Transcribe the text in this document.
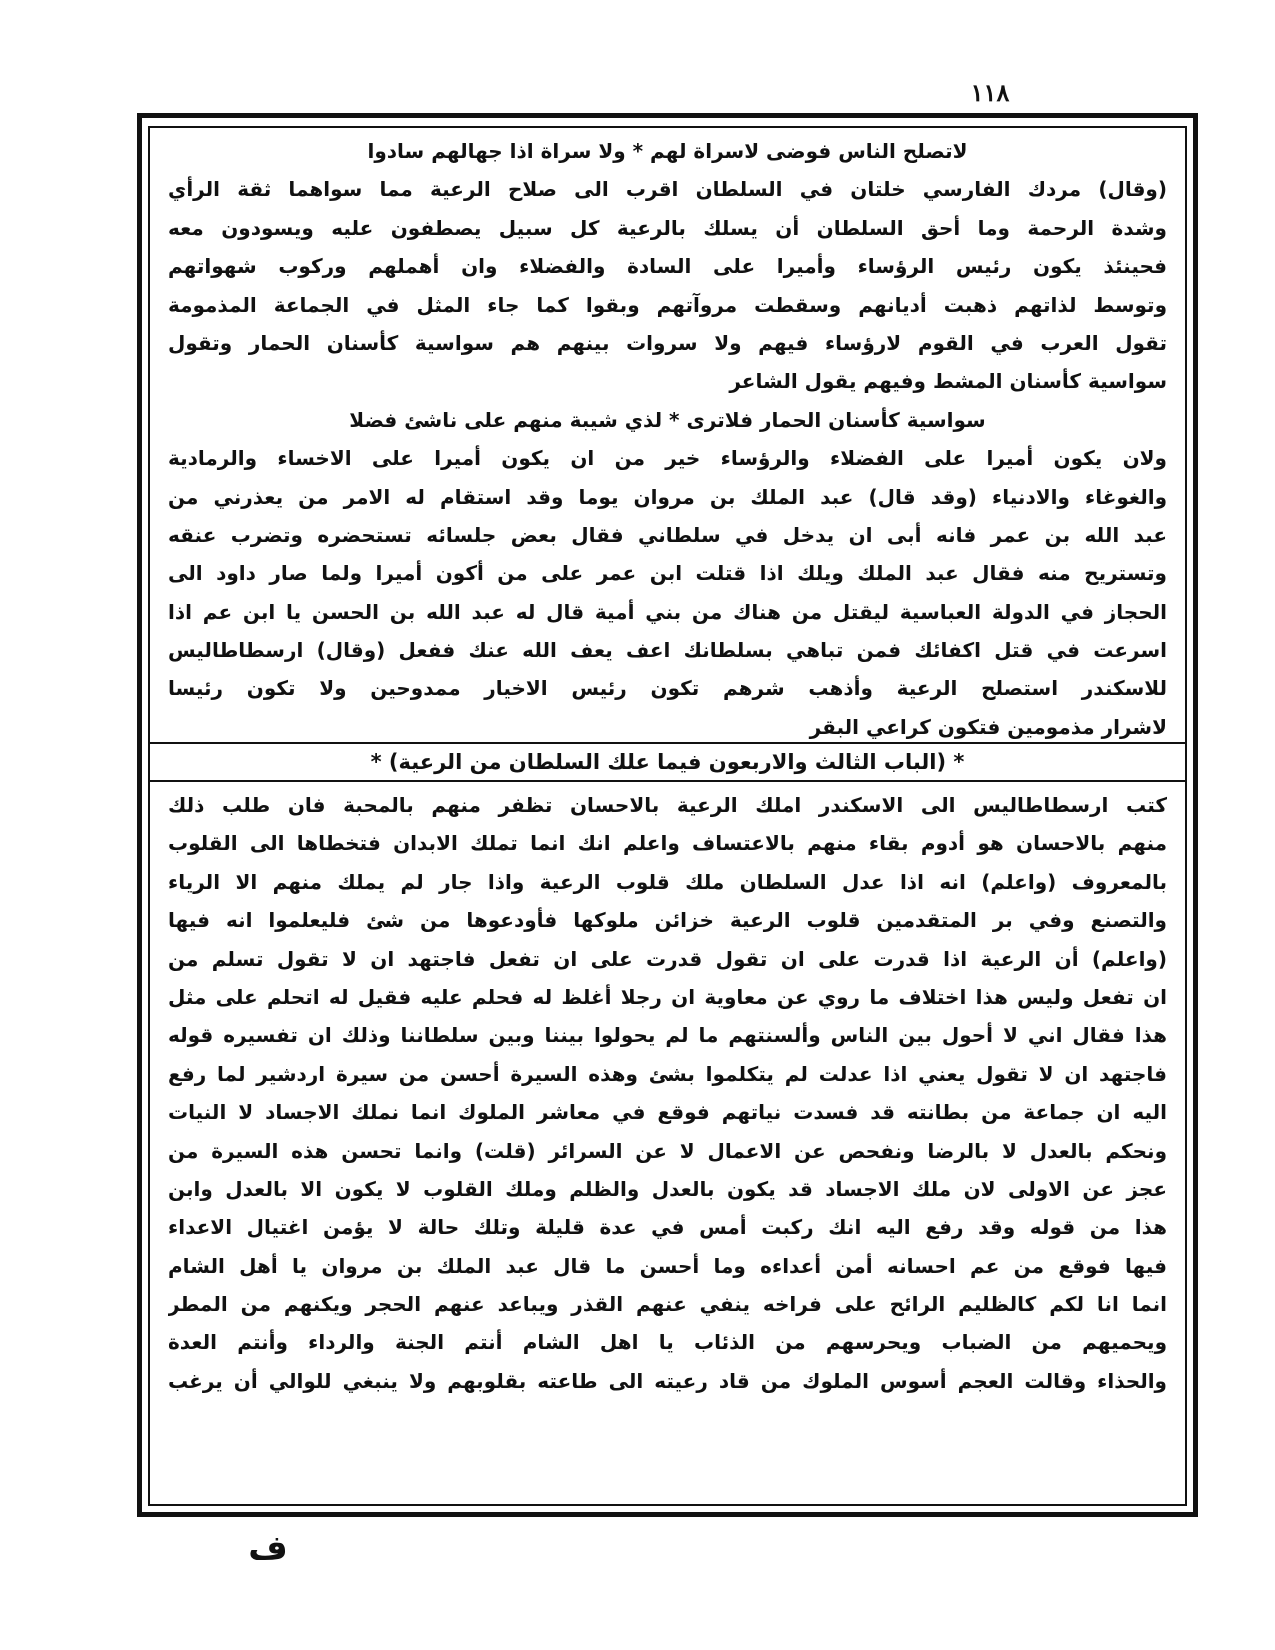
١١٨
لاتصلح الناس فوضى لاسراة لهم * ولا سراة اذا جهالهم سادوا
(وقال) مردك الفارسي خلتان في السلطان اقرب الى صلاح الرعية مما سواهما ثقة الرأي
وشدة الرحمة وما أحق السلطان أن يسلك بالرعية كل سبيل يصطفون عليه ويسودون معه
فحينئذ يكون رئيس الرؤساء وأميرا على السادة والفضلاء وان أهملهم وركوب شهواتهم
وتوسط لذاتهم ذهبت أديانهم وسقطت مروآتهم وبقوا كما جاء المثل في الجماعة المذمومة
تقول العرب في القوم لارؤساء فيهم ولا سروات بينهم هم سواسية كأسنان الحمار وتقول
سواسية كأسنان المشط وفيهم يقول الشاعر
سواسية كأسنان الحمار فلاترى * لذي شيبة منهم على ناشئ فضلا
ولان يكون أميرا على الفضلاء والرؤساء خير من ان يكون أميرا على الاخساء والرمادية
والغوغاء والادنياء (وقد قال) عبد الملك بن مروان يوما وقد استقام له الامر من يعذرني من
عبد الله بن عمر فانه أبى ان يدخل في سلطاني فقال بعض جلسائه تستحضره وتضرب عنقه
وتستريح منه فقال عبد الملك ويلك اذا قتلت ابن عمر على من أكون أميرا ولما صار داود الى
الحجاز في الدولة العباسية ليقتل من هناك من بني أمية قال له عبد الله بن الحسن يا ابن عم اذا
اسرعت في قتل اكفائك فمن تباهي بسلطانك اعف يعف الله عنك ففعل (وقال) ارسطاطاليس
للاسكندر استصلح الرعية وأذهب شرهم تكون رئيس الاخيار ممدوحين ولا تكون رئيسا
لاشرار مذمومين فتكون كراعي البقر
* (الباب الثالث والاربعون فيما علك السلطان من الرعية) *
كتب ارسطاطاليس الى الاسكندر املك الرعية بالاحسان تظفر منهم بالمحبة فان طلب ذلك
منهم بالاحسان هو أدوم بقاء منهم بالاعتساف واعلم انك انما تملك الابدان فتخطاها الى القلوب
بالمعروف (واعلم) انه اذا عدل السلطان ملك قلوب الرعية واذا جار لم يملك منهم الا الرياء
والتصنع وفي بر المتقدمين قلوب الرعية خزائن ملوكها فأودعوها من شئ فليعلموا انه فيها
(واعلم) أن الرعية اذا قدرت على ان تقول قدرت على ان تفعل فاجتهد ان لا تقول تسلم من
ان تفعل وليس هذا اختلاف ما روي عن معاوية ان رجلا أغلظ له فحلم عليه فقيل له اتحلم على مثل
هذا فقال اني لا أحول بين الناس وألسنتهم ما لم يحولوا بيننا وبين سلطاننا وذلك ان تفسيره قوله
فاجتهد ان لا تقول يعني اذا عدلت لم يتكلموا بشئ وهذه السيرة أحسن من سيرة اردشير لما رفع
اليه ان جماعة من بطانته قد فسدت نياتهم فوقع في معاشر الملوك انما نملك الاجساد لا النيات
ونحكم بالعدل لا بالرضا ونفحص عن الاعمال لا عن السرائر (قلت) وانما تحسن هذه السيرة من
عجز عن الاولى لان ملك الاجساد قد يكون بالعدل والظلم وملك القلوب لا يكون الا بالعدل وابن
هذا من قوله وقد رفع اليه انك ركبت أمس في عدة قليلة وتلك حالة لا يؤمن اغتيال الاعداء
فيها فوقع من عم احسانه أمن أعداءه وما أحسن ما قال عبد الملك بن مروان يا أهل الشام
انما انا لكم كالظليم الرائح على فراخه ينفي عنهم القذر ويباعد عنهم الحجر ويكنهم من المطر
ويحميهم من الضباب ويحرسهم من الذئاب يا اهل الشام أنتم الجنة والرداء وأنتم العدة
والحذاء وقالت العجم أسوس الملوك من قاد رعيته الى طاعته بقلوبهم ولا ينبغي للوالي أن يرغب
ف
